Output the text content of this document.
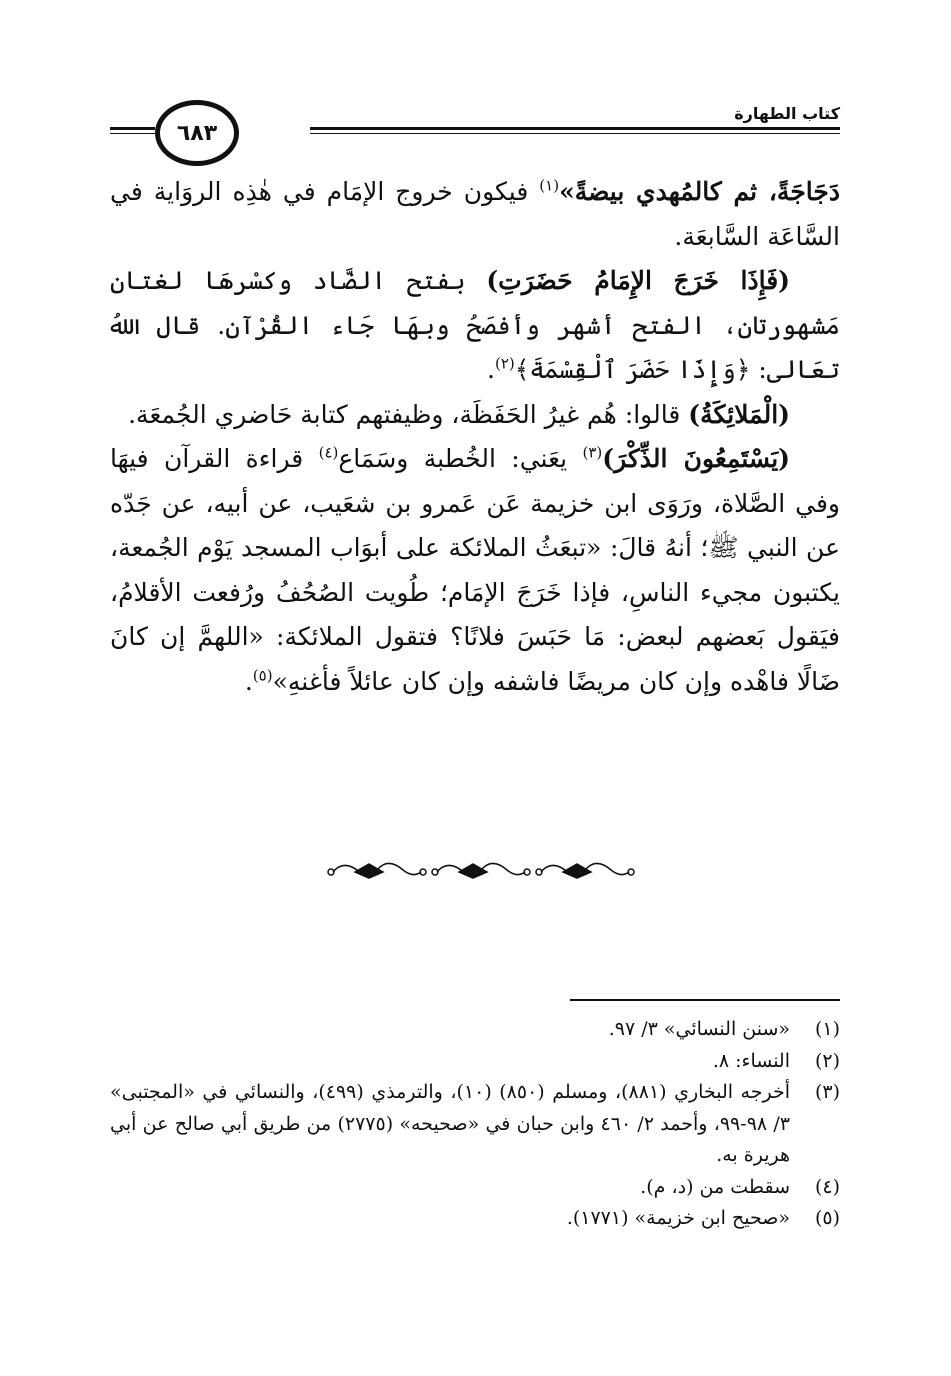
كتاب الطهارة
٦٨٣

دَجَاجَةً، ثم كالمُهدي بيضةً»$^{(١)}$ فيكون خروج الإمَام في هٰذِه الروَاية في السَّاعَة السَّابعَة.

(فَإِذَا خَرَجَ الإِمَامُ حَضَرَتِ) بفتح الضَّاد وكسْرهَا لغتان مَشهورتان، الفتح أشهر وأفصَحُ وبهَا جَاء القُرْآن. قال اللهُ تعَالى: ﴿وَإِذَا حَضَرَ ٱلْقِسْمَةَ﴾$^{(٢)}$.

(الْمَلائِكَةُ) قالوا: هُم غيرُ الحَفَظَة، وظيفتهم كتابة حَاضري الجُمعَة.

(يَسْتَمِعُونَ الذِّكْرَ)$^{(٣)}$ يعَني: الخُطبة وسَمَاع$^{(٤)}$ قراءة القرآن فيهَا وفي الصَّلاة، ورَوَى ابن خزيمة عَن عَمرو بن شعَيب، عن أبيه، عن جَدّه عن النبي ﷺ؛ أنهُ قالَ: «تبعَثُ الملائكة على أبوَاب المسجد يَوْم الجُمعة، يكتبون مجيء الناسِ، فإذا خَرَجَ الإمَام؛ طُويت الصُحُفُ ورُفعت الأقلامُ، فيَقول بَعضهم لبعض: مَا حَبَسَ فلانًا؟ فتقول الملائكة: «اللهمَّ إن كانَ ضَالًا فاهْده وإن كان مريضًا فاشفه وإن كان عائلاً فأغنهِ»$^{(٥)}$.

(١)
«سنن النسائي» ٣/ ٩٧.
(٢)
النساء: ٨.
(٣)
أخرجه البخاري (٨٨١)، ومسلم (٨٥٠) (١٠)، والترمذي (٤٩٩)، والنسائي في «المجتبى» ٣/ ٩٨-٩٩، وأحمد ٢/ ٤٦٠ وابن حبان في «صحيحه» (٢٧٧٥) من طريق أبي صالح عن أبي هريرة به.
(٤)
سقطت من (د، م).
(٥)
«صحيح ابن خزيمة» (١٧٧١).
